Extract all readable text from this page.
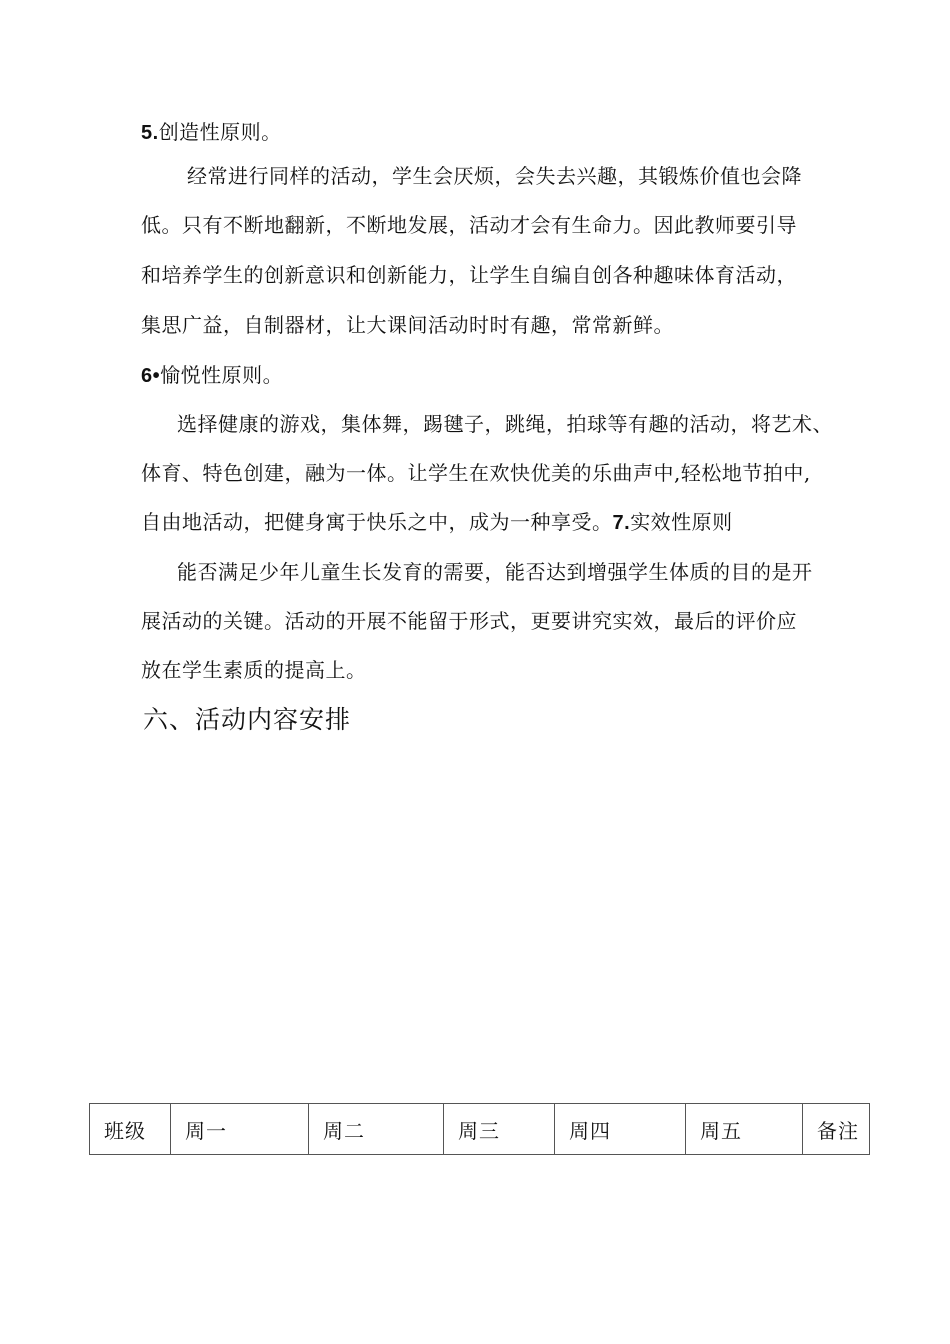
5.创造性原则。
经常进行同样的活动，学生会厌烦，会失去兴趣，其锻炼价值也会降
低。只有不断地翻新，不断地发展，活动才会有生命力。因此教师要引导
和培养学生的创新意识和创新能力，让学生自编自创各种趣味体育活动，
集思广益，自制器材，让大课间活动时时有趣，常常新鲜。
6•愉悦性原则。
选择健康的游戏，集体舞，踢毽子，跳绳，拍球等有趣的活动，将艺术、
体育、特色创建，融为一体。让学生在欢快优美的乐曲声中,轻松地节拍中,
自由地活动，把健身寓于快乐之中，成为一种享受。7.实效性原则
能否满足少年儿童生长发育的需要，能否达到增强学生体质的目的是开
展活动的关键。活动的开展不能留于形式，更要讲究实效，最后的评价应
放在学生素质的提高上。
六、活动内容安排
班级	周一	周二	周三	周四	周五	备注
